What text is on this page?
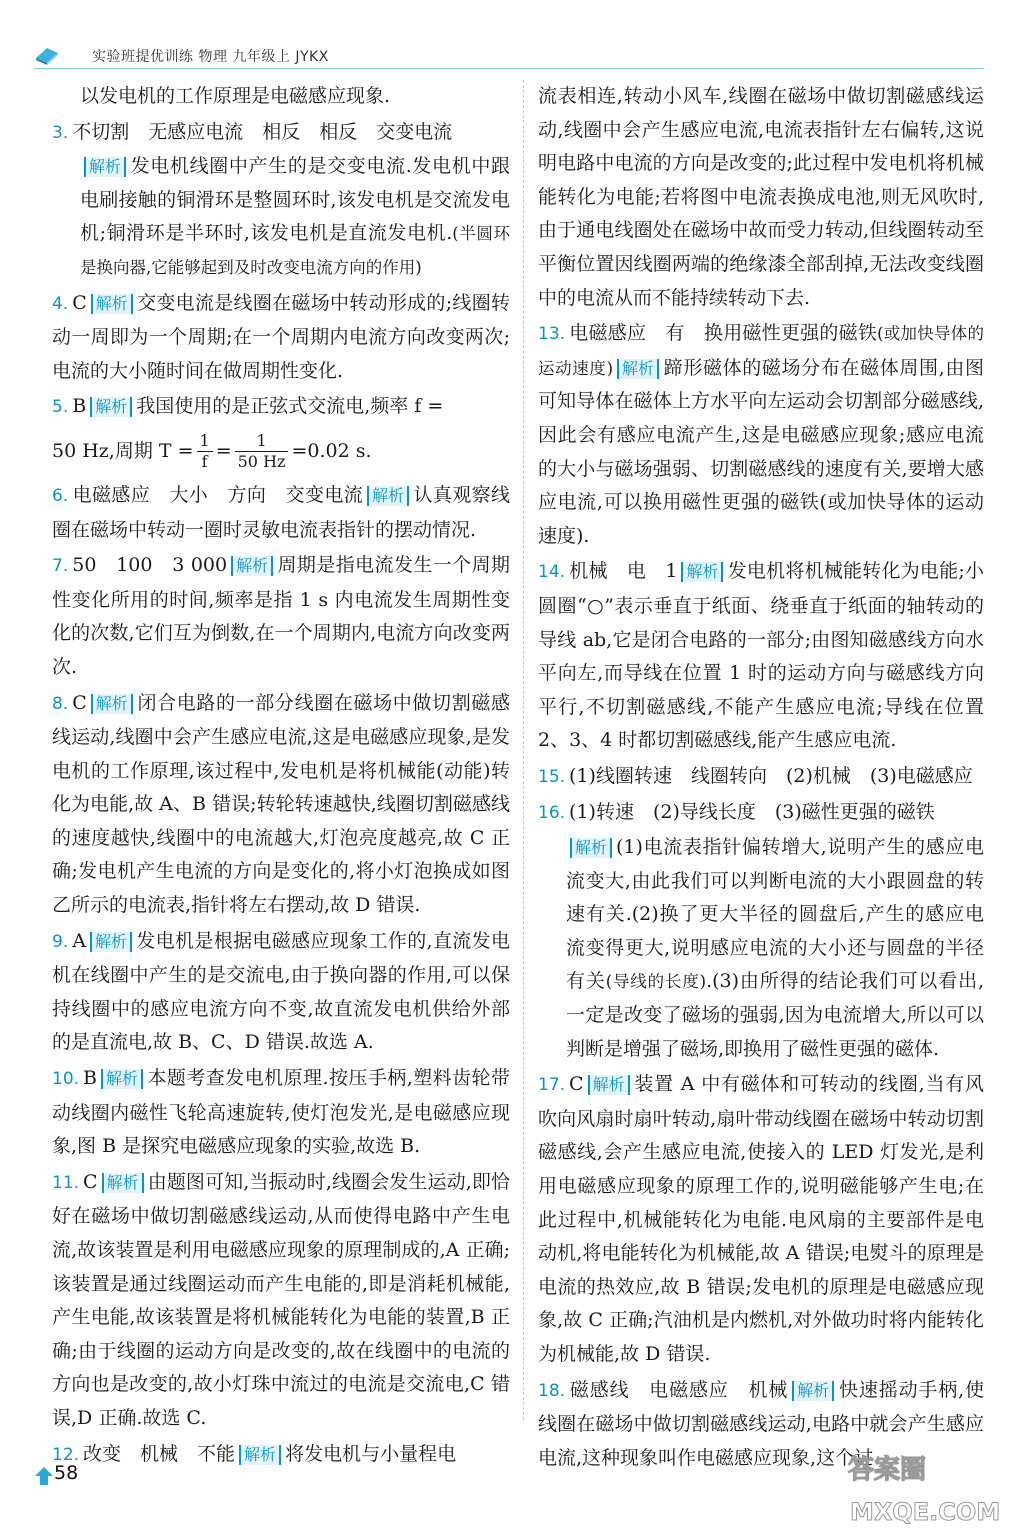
实验班提优训练 物理 九年级上 JYKX

以发电机的工作原理是电磁感应现象.

3. 不切割　无感应电流　相反　相反　交变电流

解析 发电机线圈中产生的是交变电流.发电机中跟电刷接触的铜滑环是整圆环时,该发电机是交流发电机;铜滑环是半环时,该发电机是直流发电机.(半圆环是换向器,它能够起到及时改变电流方向的作用)

4. C 解析 交变电流是线圈在磁场中转动形成的;线圈转动一周即为一个周期;在一个周期内电流方向改变两次;电流的大小随时间在做周期性变化.

5. B 解析 我国使用的是正弦式交流电,频率 f =

50 Hz,周期 $T = \frac{1}{f} = \frac{1}{50 Hz} =0.02$ s.

6. 电磁感应　大小　方向　交变电流 解析 认真观察线圈在磁场中转动一圈时灵敏电流表指针的摆动情况.

7. 50　100　3 000 解析 周期是指电流发生一个周期性变化所用的时间,频率是指 1 s 内电流发生周期性变化的次数,它们互为倒数,在一个周期内,电流方向改变两次.

8. C 解析 闭合电路的一部分线圈在磁场中做切割磁感线运动,线圈中会产生感应电流,这是电磁感应现象,是发电机的工作原理,该过程中,发电机是将机械能(动能)转化为电能,故 A、B 错误;转轮转速越快,线圈切割磁感线的速度越快,线圈中的电流越大,灯泡亮度越亮,故 C 正确;发电机产生电流的方向是变化的,将小灯泡换成如图乙所示的电流表,指针将左右摆动,故 D 错误.

9. A 解析 发电机是根据电磁感应现象工作的,直流发电机在线圈中产生的是交流电,由于换向器的作用,可以保持线圈中的感应电流方向不变,故直流发电机供给外部的是直流电,故 B、C、D 错误.故选 A.

10. B 解析 本题考查发电机原理.按压手柄,塑料齿轮带动线圈内磁性飞轮高速旋转,使灯泡发光,是电磁感应现象,图 B 是探究电磁感应现象的实验,故选 B.

11. C 解析 由题图可知,当振动时,线圈会发生运动,即恰好在磁场中做切割磁感线运动,从而使得电路中产生电流,故该装置是利用电磁感应现象的原理制成的,A 正确;该装置是通过线圈运动而产生电能的,即是消耗机械能,产生电能,故该装置是将机械能转化为电能的装置,B 正确;由于线圈的运动方向是改变的,故在线圈中的电流的方向也是改变的,故小灯珠中流过的电流是交流电,C 错误,D 正确.故选 C.

12. 改变　机械　不能 解析 将发电机与小量程电

流表相连,转动小风车,线圈在磁场中做切割磁感线运动,线圈中会产生感应电流,电流表指针左右偏转,这说明电路中电流的方向是改变的;此过程中发电机将机械能转化为电能;若将图中电流表换成电池,则无风吹时,由于通电线圈处在磁场中故而受力转动,但线圈转动至平衡位置因线圈两端的绝缘漆全部刮掉,无法改变线圈中的电流从而不能持续转动下去.

13. 电磁感应　有　换用磁性更强的磁铁(或加快导体的运动速度) 解析 蹄形磁体的磁场分布在磁体周围,由图可知导体在磁体上方水平向左运动会切割部分磁感线,因此会有感应电流产生,这是电磁感应现象;感应电流的大小与磁场强弱、切割磁感线的速度有关,要增大感应电流,可以换用磁性更强的磁铁(或加快导体的运动速度).

14. 机械　电　1 解析 发电机将机械能转化为电能;小圆圈“○”表示垂直于纸面、绕垂直于纸面的轴转动的导线 ab,它是闭合电路的一部分;由图知磁感线方向水平向左,而导线在位置 1 时的运动方向与磁感线方向平行,不切割磁感线,不能产生感应电流;导线在位置 2、3、4 时都切割磁感线,能产生感应电流.

15. (1)线圈转速　线圈转向　(2)机械　(3)电磁感应

16. (1)转速　(2)导线长度　(3)磁性更强的磁铁

解析 (1)电流表指针偏转增大,说明产生的感应电流变大,由此我们可以判断电流的大小跟圆盘的转速有关.(2)换了更大半径的圆盘后,产生的感应电流变得更大,说明感应电流的大小还与圆盘的半径有关(导线的长度).(3)由所得的结论我们可以看出,一定是改变了磁场的强弱,因为电流增大,所以可以判断是增强了磁场,即换用了磁性更强的磁体.

17. C 解析 装置 A 中有磁体和可转动的线圈,当有风吹向风扇时扇叶转动,扇叶带动线圈在磁场中转动切割磁感线,会产生感应电流,使接入的 LED 灯发光,是利用电磁感应现象的原理工作的,说明磁能够产生电;在此过程中,机械能转化为电能.电风扇的主要部件是电动机,将电能转化为机械能,故 A 错误;电熨斗的原理是电流的热效应,故 B 错误;发电机的原理是电磁感应现象,故 C 正确;汽油机是内燃机,对外做功时将内能转化为机械能,故 D 错误.

18. 磁感线　电磁感应　机械 解析 快速摇动手柄,使线圈在磁场中做切割磁感线运动,电路中就会产生感应电流,这种现象叫作电磁感应现象,这个过

58	答案圈
MXQE.COM
